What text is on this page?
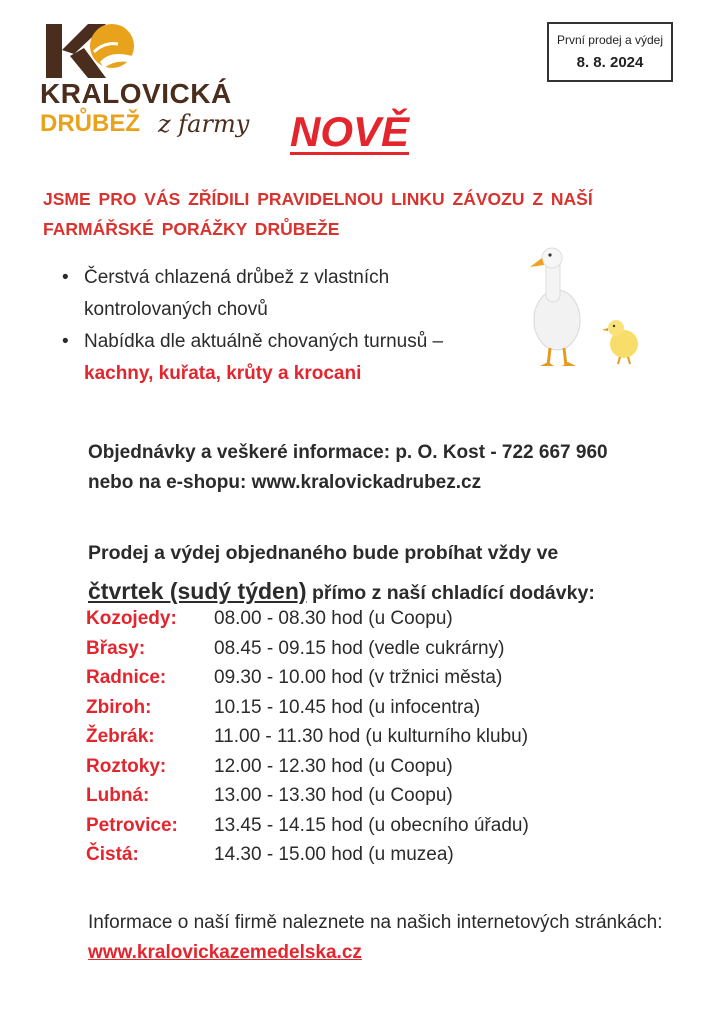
KRALOVICKÁ
DRŮBEŽ z farmy
První prodej a výdej
8. 8. 2024
NOVĚ
JSME PRO VÁS ZŘÍDILI PRAVIDELNOU LINKU ZÁVOZU Z NAŠÍ FARMÁŘSKÉ PORÁŽKY DRŮBEŽE
• Čerstvá chlazená drůbež z vlastních kontrolovaných chovů
• Nabídka dle aktuálně chovaných turnusů – kachny, kuřata, krůty a krocani
Objednávky a veškeré informace: p. O. Kost - 722 667 960
nebo na e-shopu: www.kralovickadrubez.cz
Prodej a výdej objednaného bude probíhat vždy ve
čtvrtek (sudý týden) přímo z naší chladící dodávky:
Kozojedy: 08.00 - 08.30 hod (u Coopu)
Břasy:	08.45 - 09.15 hod (vedle cukrárny)
Radnice:	09.30 - 10.00 hod (v tržnici města)
Zbiroh:	10.15 - 10.45 hod (u infocentra)
Žebrák:	11.00 - 11.30 hod (u kulturního klubu)
Roztoky:	12.00 - 12.30 hod (u Coopu)
Lubná:	13.00 - 13.30 hod (u Coopu)
Petrovice: 13.45 - 14.15 hod (u obecního úřadu)
Čistá:	14.30 - 15.00 hod (u muzea)
Informace o naší firmě naleznete na našich internetových stránkách: www.kralovickazemedelska.cz
